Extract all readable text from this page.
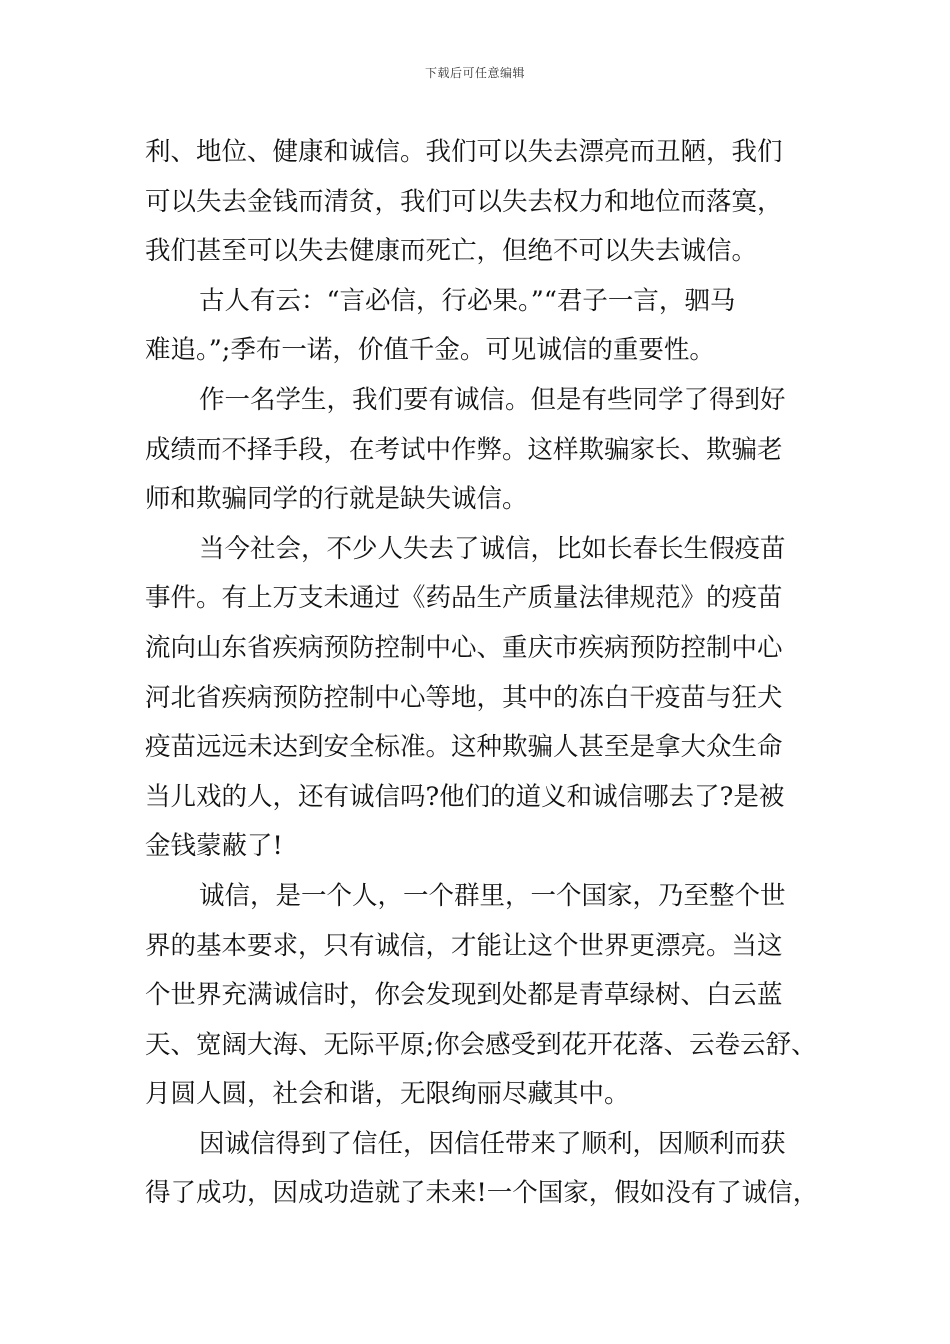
下载后可任意编辑
利、地位、健康和诚信。我们可以失去漂亮而丑陋，我们
可以失去金钱而清贫，我们可以失去权力和地位而落寞，
我们甚至可以失去健康而死亡，但绝不可以失去诚信。
古人有云：“言必信，行必果。”“君子一言，驷马
难追。”;季布一诺，价值千金。可见诚信的重要性。
作一名学生，我们要有诚信。但是有些同学了得到好
成绩而不择手段，在考试中作弊。这样欺骗家长、欺骗老
师和欺骗同学的行就是缺失诚信。
当今社会，不少人失去了诚信，比如长春长生假疫苗
事件。有上万支未通过《药品生产质量法律规范》的疫苗
流向山东省疾病预防控制中心、重庆市疾病预防控制中心
河北省疾病预防控制中心等地，其中的冻白干疫苗与狂犬
疫苗远远未达到安全标准。这种欺骗人甚至是拿大众生命
当儿戏的人，还有诚信吗?他们的道义和诚信哪去了?是被
金钱蒙蔽了!
诚信，是一个人，一个群里，一个国家，乃至整个世
界的基本要求，只有诚信，才能让这个世界更漂亮。当这
个世界充满诚信时，你会发现到处都是青草绿树、白云蓝
天、宽阔大海、无际平原;你会感受到花开花落、云卷云舒、
月圆人圆，社会和谐，无限绚丽尽藏其中。
因诚信得到了信任，因信任带来了顺利，因顺利而获
得了成功，因成功造就了未来!一个国家，假如没有了诚信，
